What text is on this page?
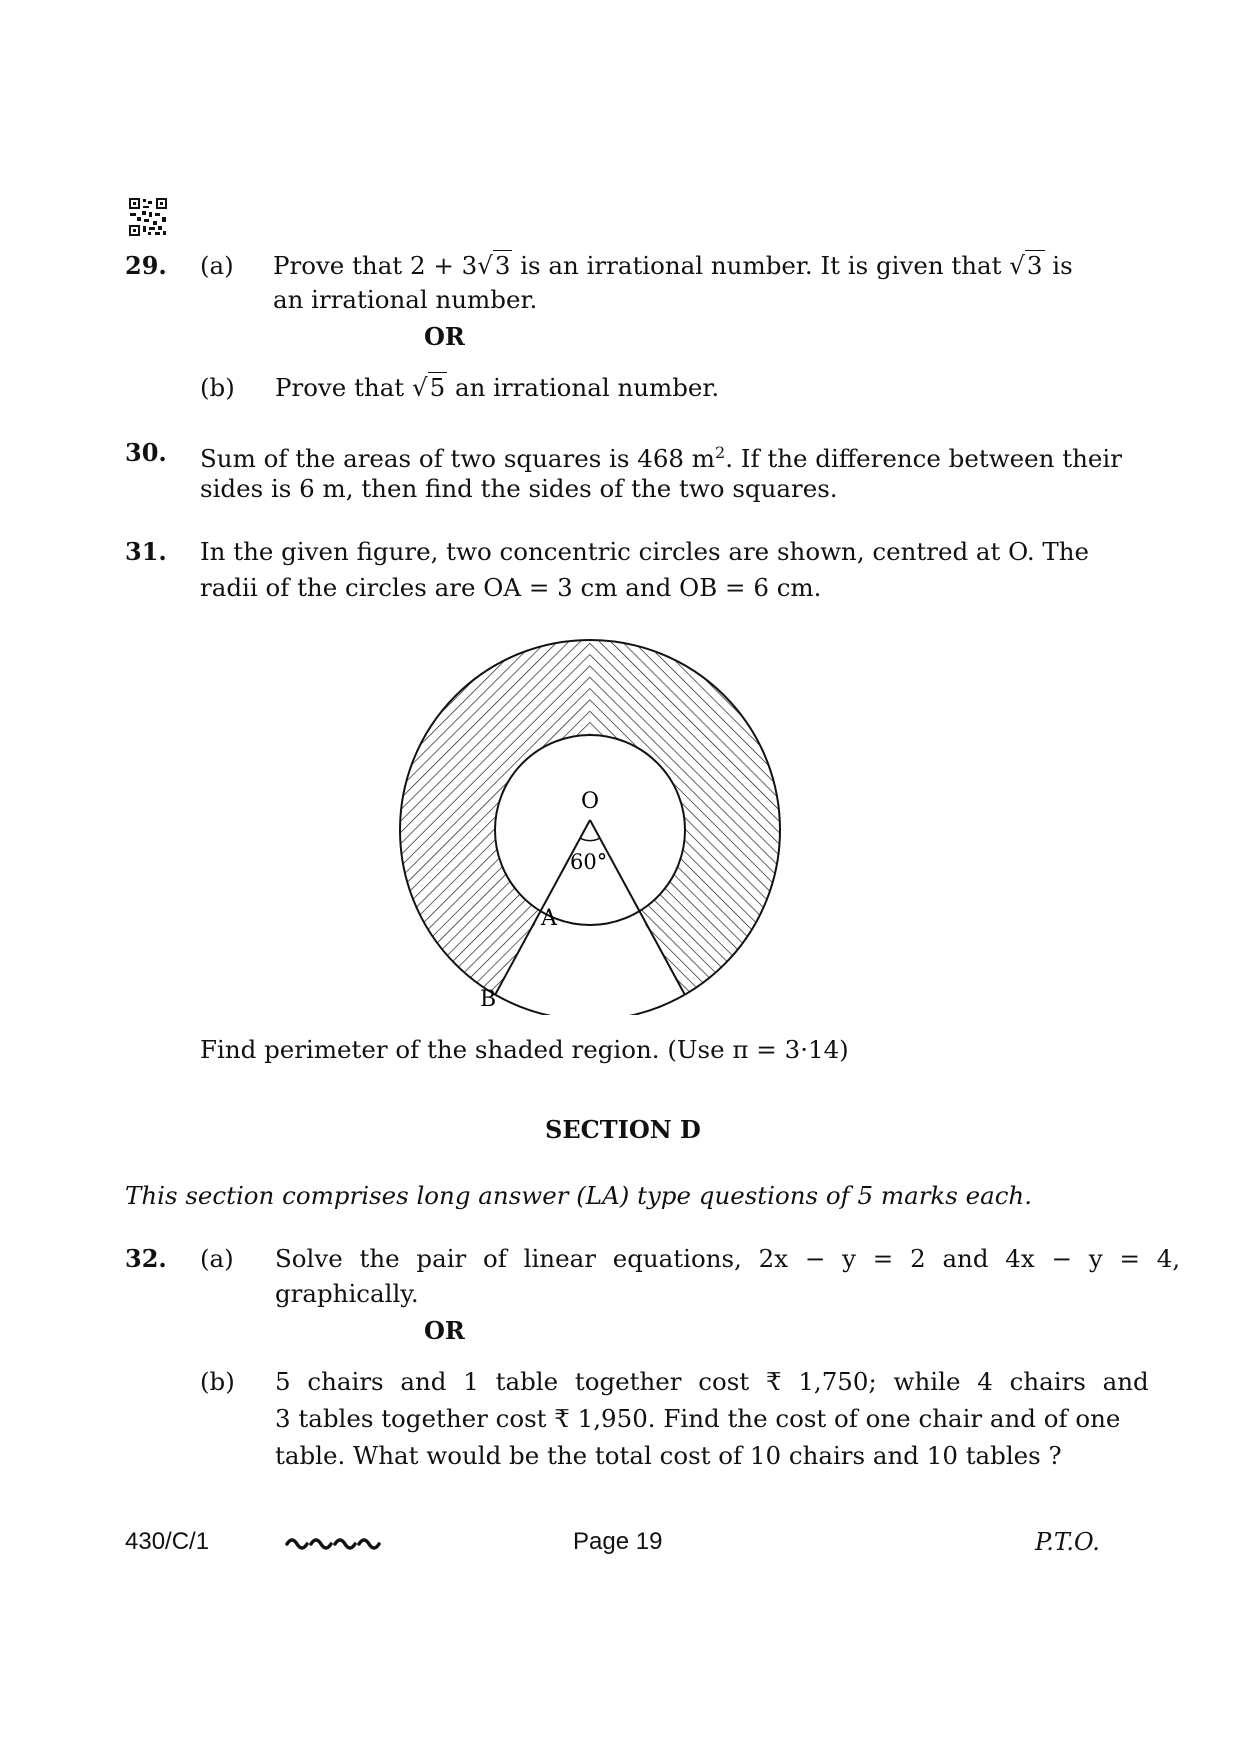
29. (a) Prove that 2 + 3√3 is an irrational number. It is given that √3 is
an irrational number.
OR
(b) Prove that √5 an irrational number.
30. Sum of the areas of two squares is 468 $m^2$. If the difference between their
sides is 6 m, then find the sides of the two squares.
31. In the given figure, two concentric circles are shown, centred at O. The
radii of the circles are OA = 3 cm and OB = 6 cm.
O
60°
A
B
Find perimeter of the shaded region. (Use π = 3·14)
SECTION D
This section comprises long answer (LA) type questions of 5 marks each.
32. (a) Solve the pair of linear equations, 2x − y = 2 and 4x − y = 4,
graphically.
OR
(b) 5 chairs and 1 table together cost ₹ 1,750; while 4 chairs and
3 tables together cost ₹ 1,950. Find the cost of one chair and of one
table. What would be the total cost of 10 chairs and 10 tables ?
430/C/1	Page 19	P.T.O.
